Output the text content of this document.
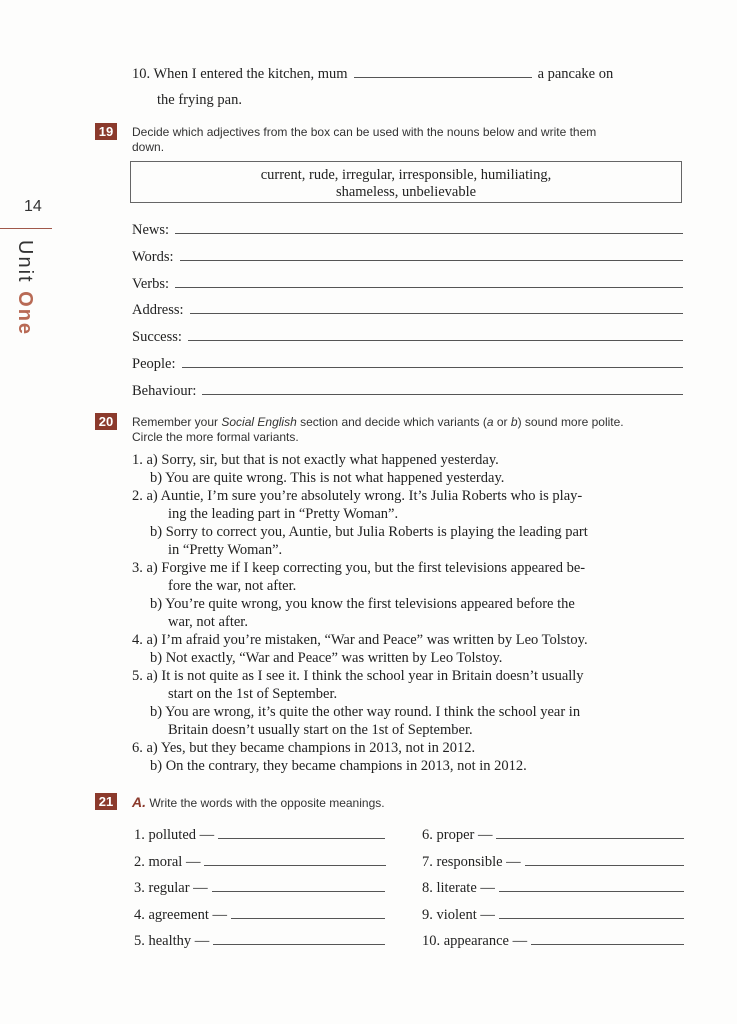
14
Unit One
10. When I entered the kitchen, mum	a pancake on
the frying pan.
19	Decide which adjectives from the box can be used with the nouns below and write them
down.
current, rude, irregular, irresponsible, humiliating,
shameless, unbelievable
News:
Words:
Verbs:
Address:
Success:
People:
Behaviour:
20	Remember your Social English section and decide which variants (a or b) sound more polite.
Circle the more formal variants.
1. a) Sorry, sir, but that is not exactly what happened yesterday.
b) You are quite wrong. This is not what happened yesterday.
2. a) Auntie, I’m sure you’re absolutely wrong. It’s Julia Roberts who is play-
ing the leading part in “Pretty Woman”.
b) Sorry to correct you, Auntie, but Julia Roberts is playing the leading part
in “Pretty Woman”.
3. a) Forgive me if I keep correcting you, but the first televisions appeared be-
fore the war, not after.
b) You’re quite wrong, you know the first televisions appeared before the
war, not after.
4. a) I’m afraid you’re mistaken, “War and Peace” was written by Leo Tolstoy.
b) Not exactly, “War and Peace” was written by Leo Tolstoy.
5. a) It is not quite as I see it. I think the school year in Britain doesn’t usually
start on the 1st of September.
b) You are wrong, it’s quite the other way round. I think the school year in
Britain doesn’t usually start on the 1st of September.
6. a) Yes, but they became champions in 2013, not in 2012.
b) On the contrary, they became champions in 2013, not in 2012.
21 A. Write the words with the opposite meanings.
1. polluted —
2. moral —
3. regular —
4. agreement —
5. healthy —
6. proper —
7. responsible —
8. literate —
9. violent —
10. appearance —
